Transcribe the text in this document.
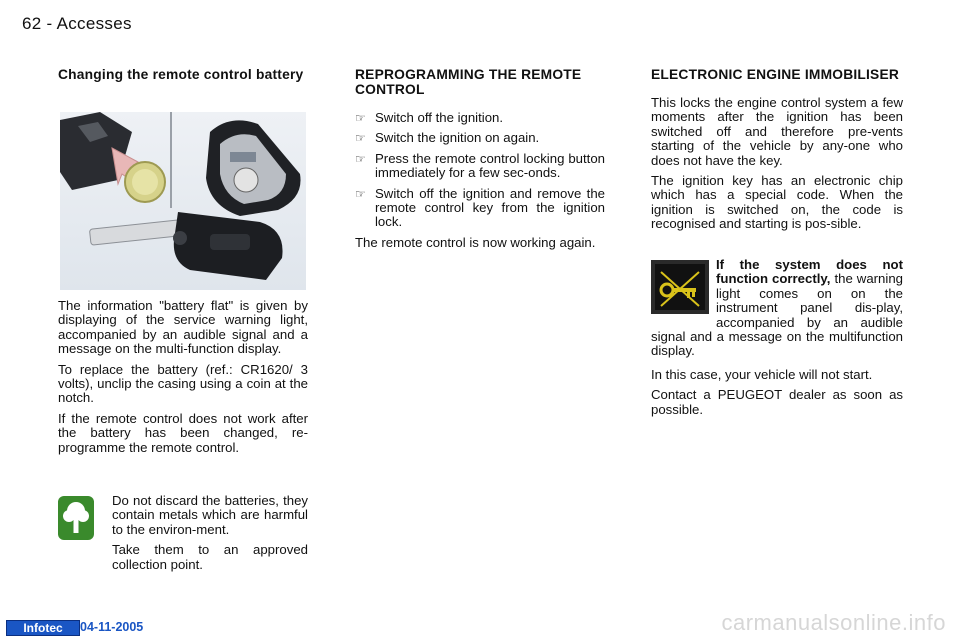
62 - Accesses
Changing the remote control battery

The information "battery flat" is given by displaying of the service warning light, accompanied by an audible signal and a message on the multi-function display.

To replace the battery (ref.: CR1620/ 3 volts), unclip the casing using a coin at the notch.

If the remote control does not work after the battery has been changed, re-programme the remote control.

Do not discard the batteries, they contain metals which are harmful to the environ-ment.

Take them to an approved collection point.

REPROGRAMMING THE REMOTE CONTROL
☞ Switch off the ignition.
☞ Switch the ignition on again.
☞ Press the remote control locking button immediately for a few sec-onds.
☞ Switch off the ignition and remove the remote control key from the ignition lock.

The remote control is now working again.

ELECTRONIC ENGINE IMMOBILISER

This locks the engine control system a few moments after the ignition has been switched off and therefore pre-vents starting of the vehicle by any-one who does not have the key.

The ignition key has an electronic chip which has a special code. When the ignition is switched on, the code is recognised and starting is pos-sible.

If the system does not function correctly, the warning light comes on on the instrument panel dis-play, accompanied by an audible signal and a message on the multifunction display.

In this case, your vehicle will not start.

Contact a PEUGEOT dealer as soon as possible.

Infotec	04-11-2005	carmanualsonline.info
